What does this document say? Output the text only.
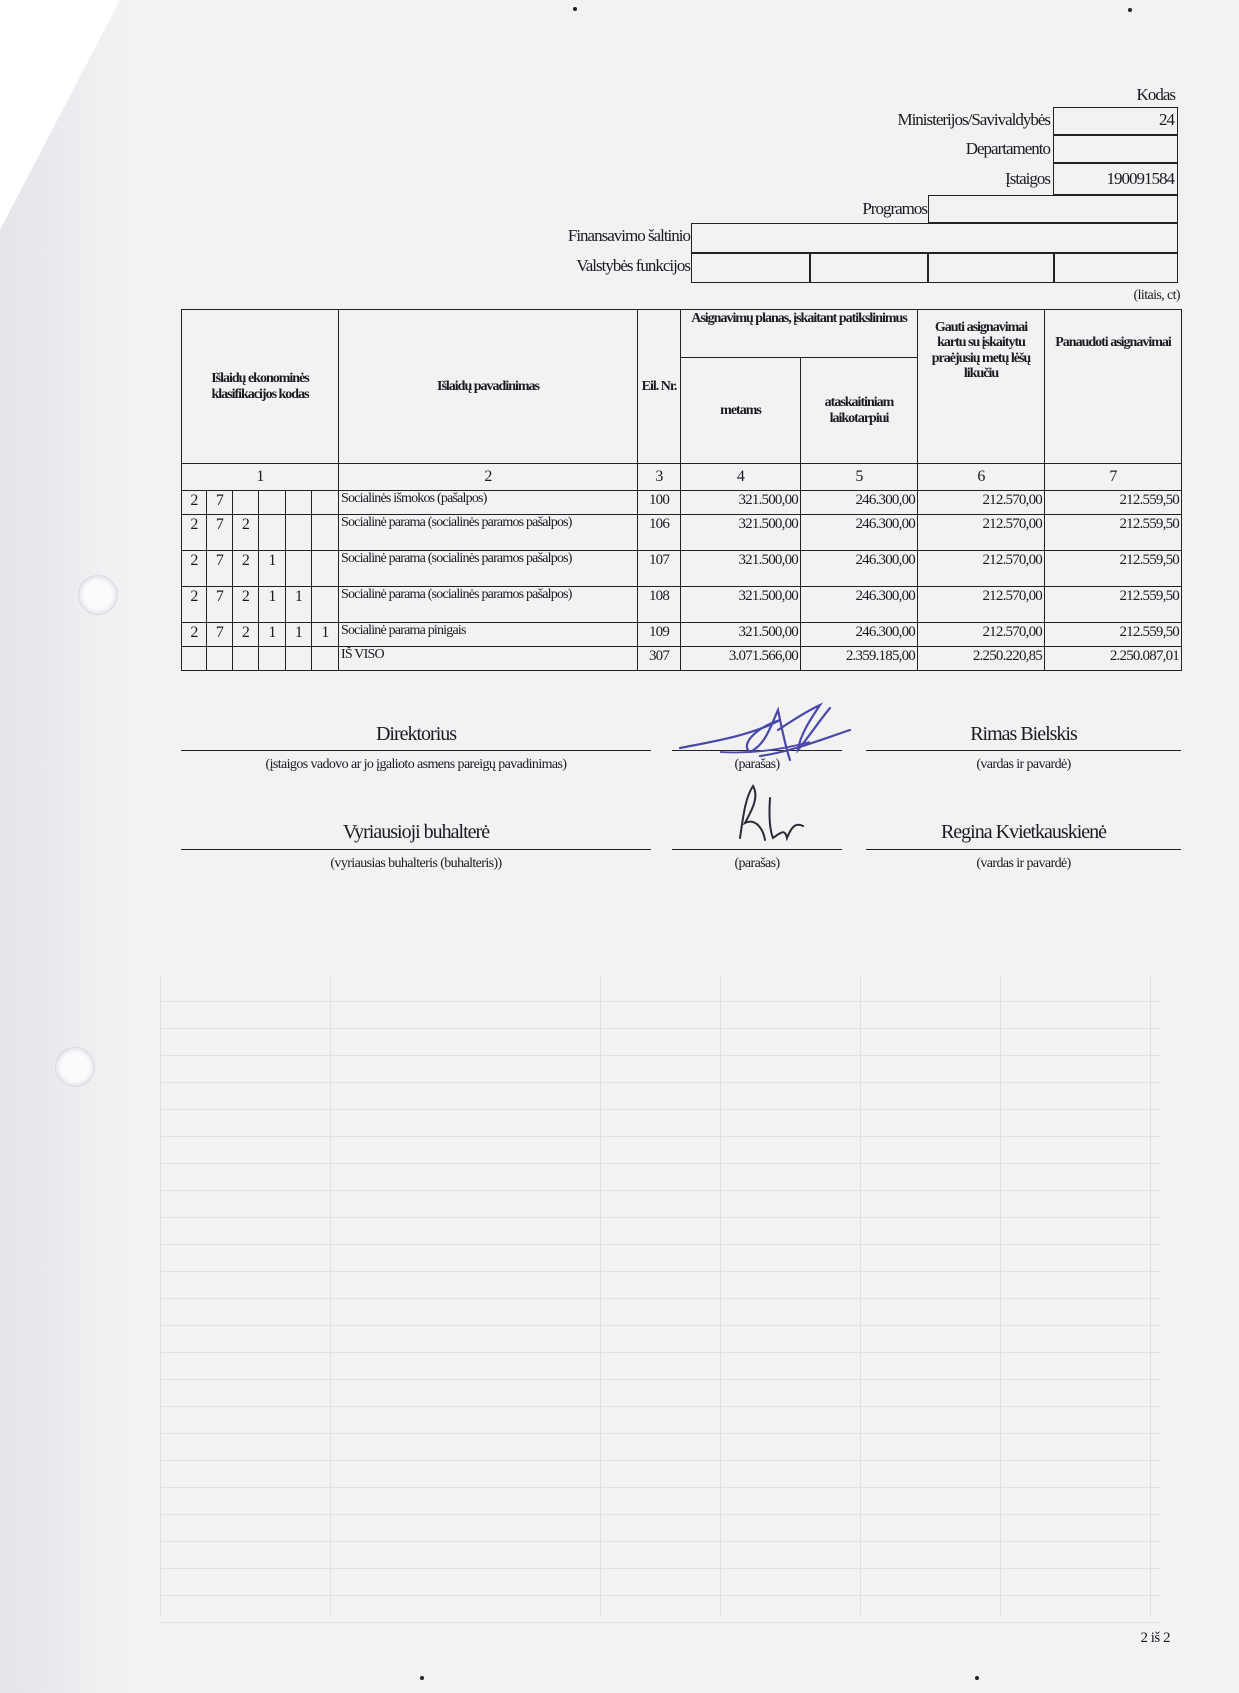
Kodas
Ministerijos/Savivaldybės	24
Departamento
Įstaigos	190091584
Programos
Finansavimo šaltinio
Valstybės funkcijos
(litais, ct)
Išlaidų ekonominės klasifikacijos kodas						Išlaidų pavadinimas	Eil. Nr.	Asignavimų planas, įskaitant patikslinimus		Gauti asignavimai kartu su įskaitytu praėjusių metų lėšų likučiu	Panaudoti asignavimai
								metams	ataskaitiniam laikotarpiui		
1						2	3	4	5	6	7
2	7					Socialinės išmokos (pašalpos)	100	321.500,00	246.300,00	212.570,00	212.559,50
2	7	2				Socialinė parama (socialinės paramos pašalpos)	106	321.500,00	246.300,00	212.570,00	212.559,50
2	7	2	1			Socialinė parama (socialinės paramos pašalpos)	107	321.500,00	246.300,00	212.570,00	212.559,50
2	7	2	1	1		Socialinė parama (socialinės paramos pašalpos)	108	321.500,00	246.300,00	212.570,00	212.559,50
2	7	2	1	1	1	Socialinė parama pinigais	109	321.500,00	246.300,00	212.570,00	212.559,50
						IŠ VISO	307	3.071.566,00	2.359.185,00	2.250.220,85	2.250.087,01
Direktorius
(įstaigos vadovo ar jo įgalioto asmens pareigų pavadinimas)	(parašas)
Rimas Bielskis
(vardas ir pavardė)
Vyriausioji buhalterė
(vyriausias buhalteris (buhalteris))	(parašas)
Regina Kvietkauskienė
(vardas ir pavardė)
2 iš 2
